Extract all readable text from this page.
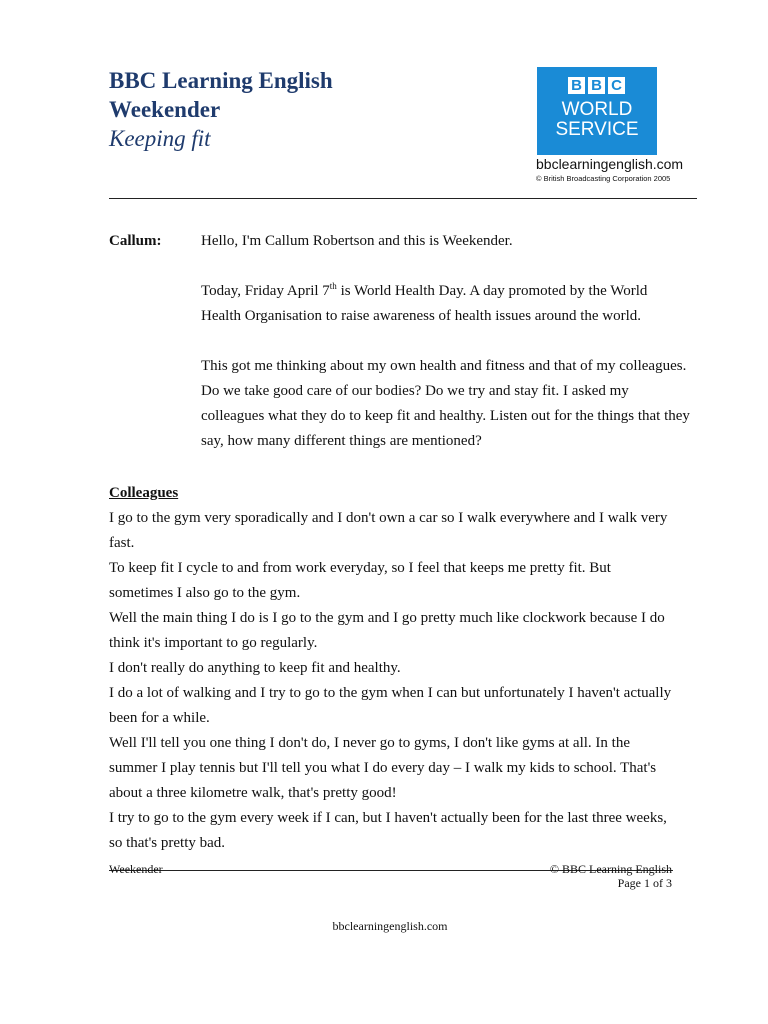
BBC Learning English
Weekender
Keeping fit
B B C
WORLD
SERVICE
bbclearningenglish.com
© British Broadcasting Corporation 2005
Callum:	Hello, I'm Callum Robertson and this is Weekender.
Today, Friday April 7th is World Health Day. A day promoted by the World Health Organisation to raise awareness of health issues around the world.
This got me thinking about my own health and fitness and that of my colleagues. Do we take good care of our bodies? Do we try and stay fit. I asked my colleagues what they do to keep fit and healthy. Listen out for the things that they say, how many different things are mentioned?
Colleagues
I go to the gym very sporadically and I don't own a car so I walk everywhere and I walk very
fast.
To keep fit I cycle to and from work everyday, so I feel that keeps me pretty fit. But
sometimes I also go to the gym.
Well the main thing I do is I go to the gym and I go pretty much like clockwork because I do
think it's important to go regularly.
I don't really do anything to keep fit and healthy.
I do a lot of walking and I try to go to the gym when I can but unfortunately I haven't actually
been for a while.
Well I'll tell you one thing I don't do, I never go to gyms, I don't like gyms at all. In the
summer I play tennis but I'll tell you what I do every day – I walk my kids to school. That's
about a three kilometre walk, that's pretty good!
I try to go to the gym every week if I can, but I haven't actually been for the last three weeks,
so that's pretty bad.
Weekender	© BBC Learning English
Page 1 of 3
bbclearningenglish.com
